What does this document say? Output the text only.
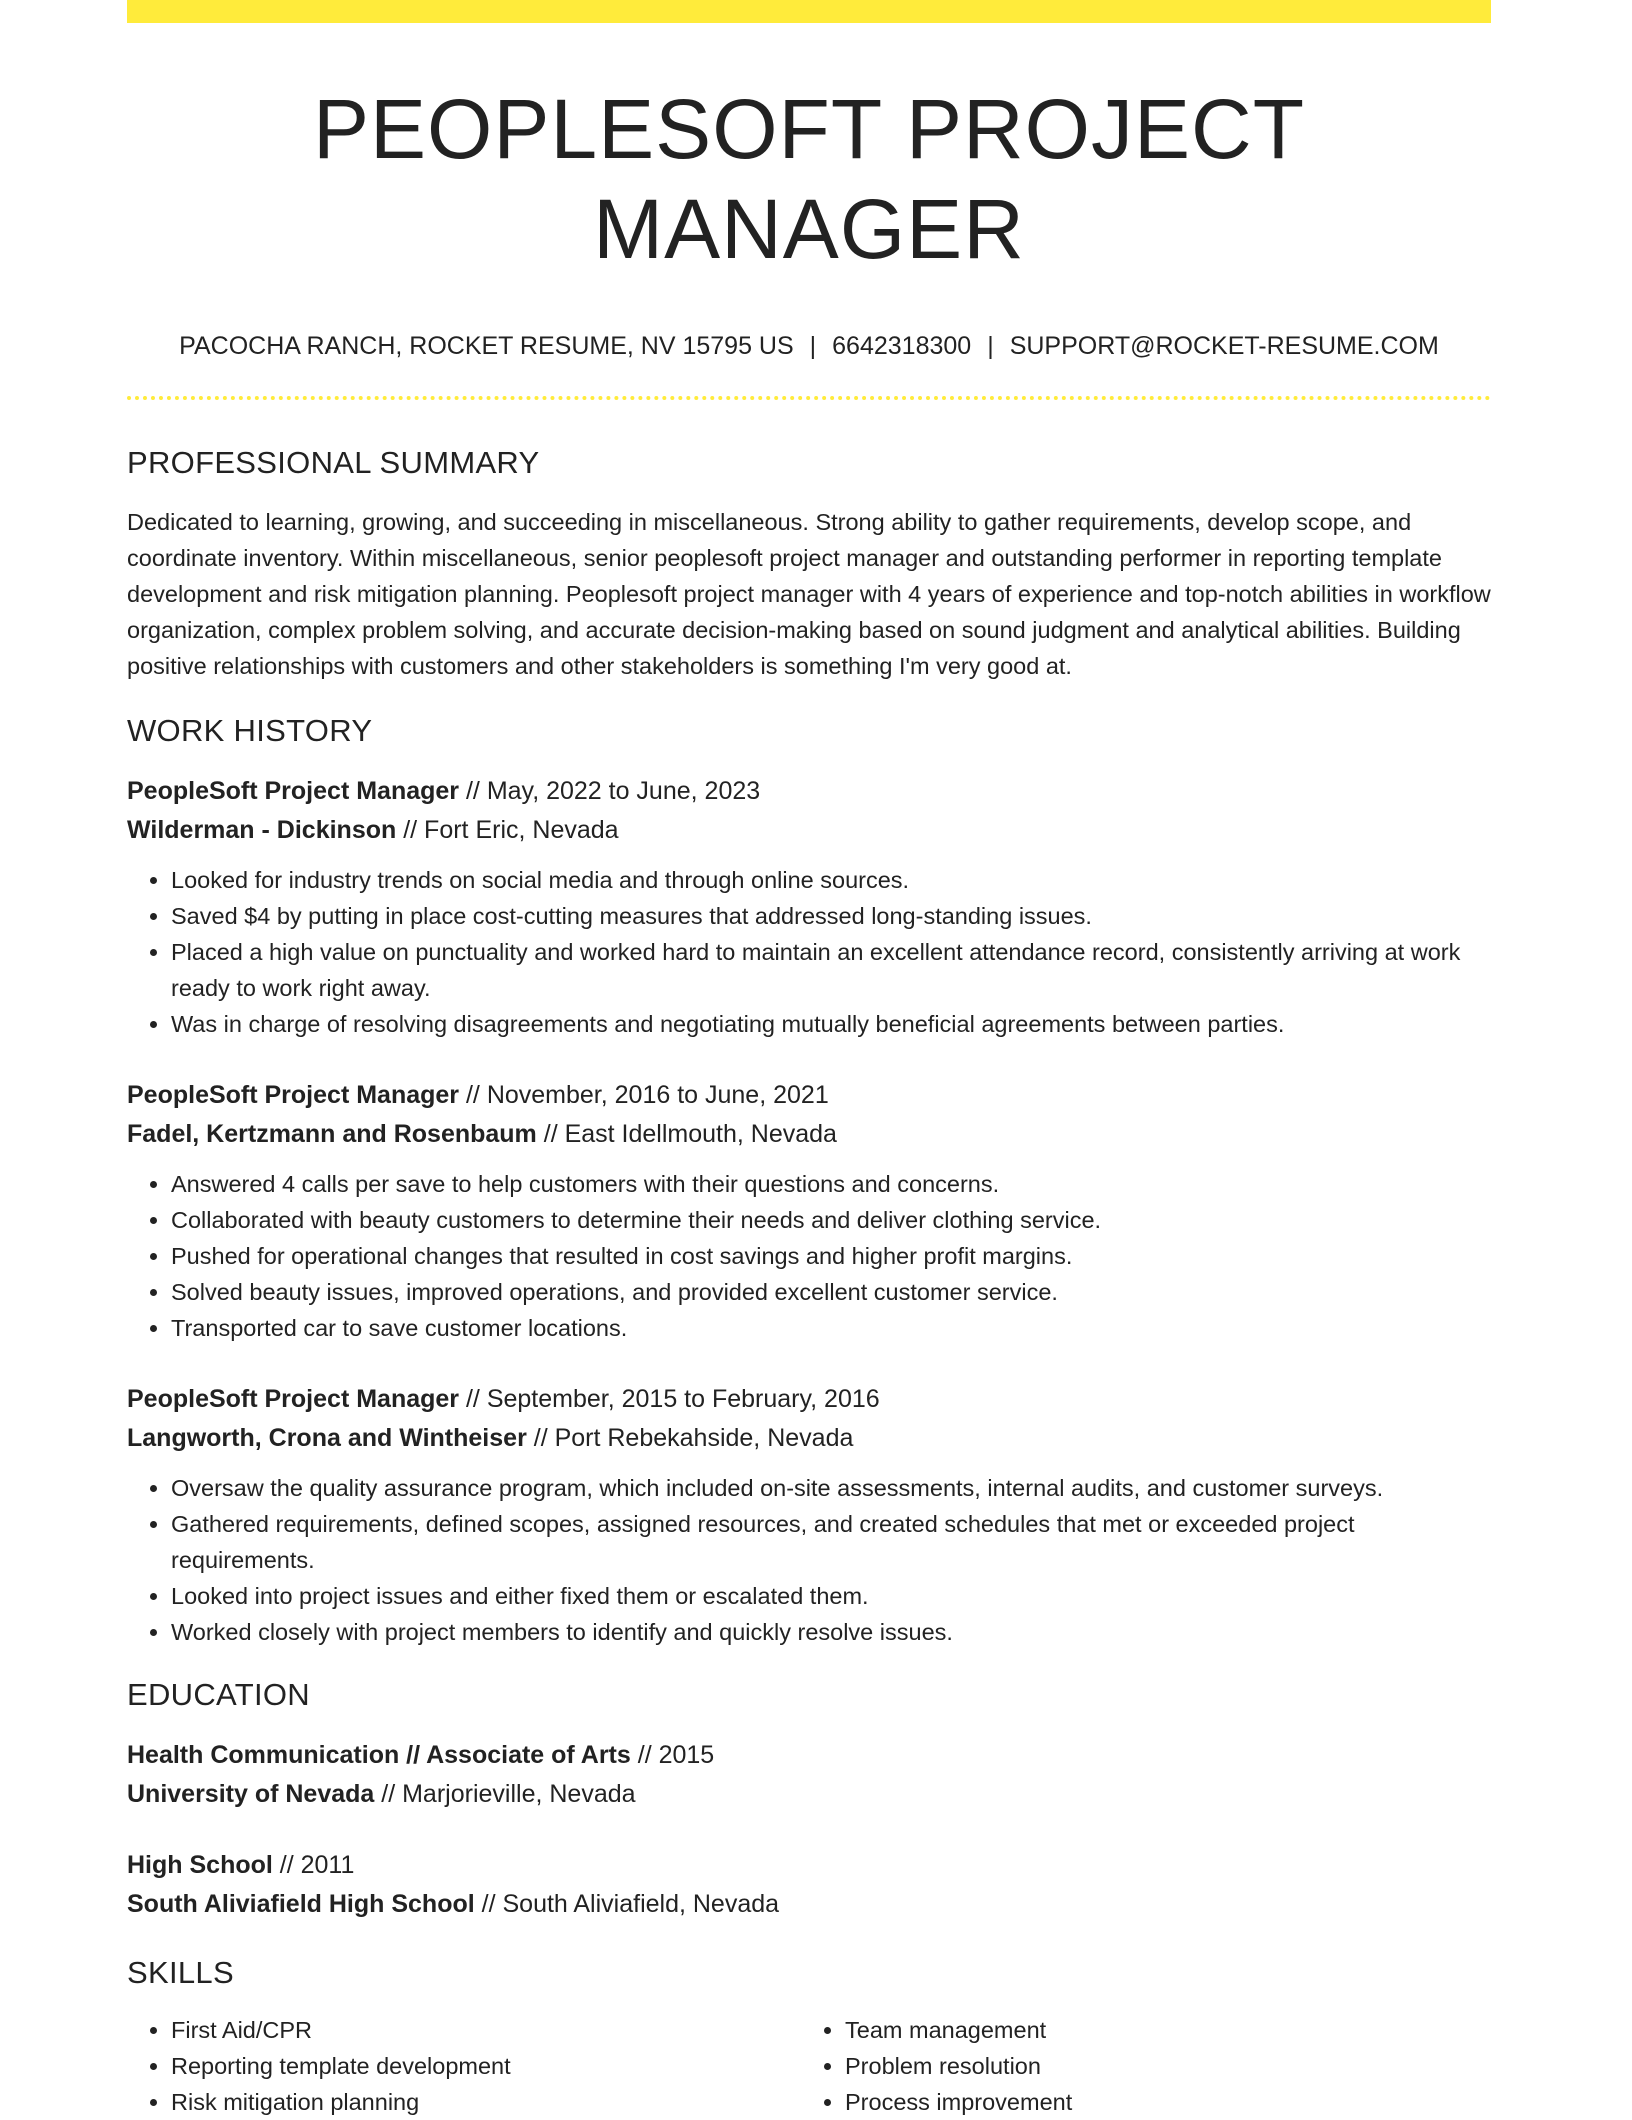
PEOPLESOFT PROJECT MANAGER
PACOCHA RANCH, ROCKET RESUME, NV 15795 US | 6642318300 | SUPPORT@ROCKET-RESUME.COM
PROFESSIONAL SUMMARY
Dedicated to learning, growing, and succeeding in miscellaneous. Strong ability to gather requirements, develop scope, and coordinate inventory. Within miscellaneous, senior peoplesoft project manager and outstanding performer in reporting template development and risk mitigation planning. Peoplesoft project manager with 4 years of experience and top-notch abilities in workflow organization, complex problem solving, and accurate decision-making based on sound judgment and analytical abilities. Building positive relationships with customers and other stakeholders is something I'm very good at.
WORK HISTORY
PeopleSoft Project Manager // May, 2022 to June, 2023
Wilderman - Dickinson // Fort Eric, Nevada
• Looked for industry trends on social media and through online sources.
• Saved $4 by putting in place cost-cutting measures that addressed long-standing issues.
• Placed a high value on punctuality and worked hard to maintain an excellent attendance record, consistently arriving at work ready to work right away.
• Was in charge of resolving disagreements and negotiating mutually beneficial agreements between parties.
PeopleSoft Project Manager // November, 2016 to June, 2021
Fadel, Kertzmann and Rosenbaum // East Idellmouth, Nevada
• Answered 4 calls per save to help customers with their questions and concerns.
• Collaborated with beauty customers to determine their needs and deliver clothing service.
• Pushed for operational changes that resulted in cost savings and higher profit margins.
• Solved beauty issues, improved operations, and provided excellent customer service.
• Transported car to save customer locations.
PeopleSoft Project Manager // September, 2015 to February, 2016
Langworth, Crona and Wintheiser // Port Rebekahside, Nevada
• Oversaw the quality assurance program, which included on-site assessments, internal audits, and customer surveys.
• Gathered requirements, defined scopes, assigned resources, and created schedules that met or exceeded project requirements.
• Looked into project issues and either fixed them or escalated them.
• Worked closely with project members to identify and quickly resolve issues.
EDUCATION
Health Communication // Associate of Arts // 2015
University of Nevada // Marjorieville, Nevada
High School // 2011
South Aliviafield High School // South Aliviafield, Nevada
SKILLS
• First Aid/CPR
• Reporting template development
• Risk mitigation planning
• Team management
• Problem resolution
• Process improvement
